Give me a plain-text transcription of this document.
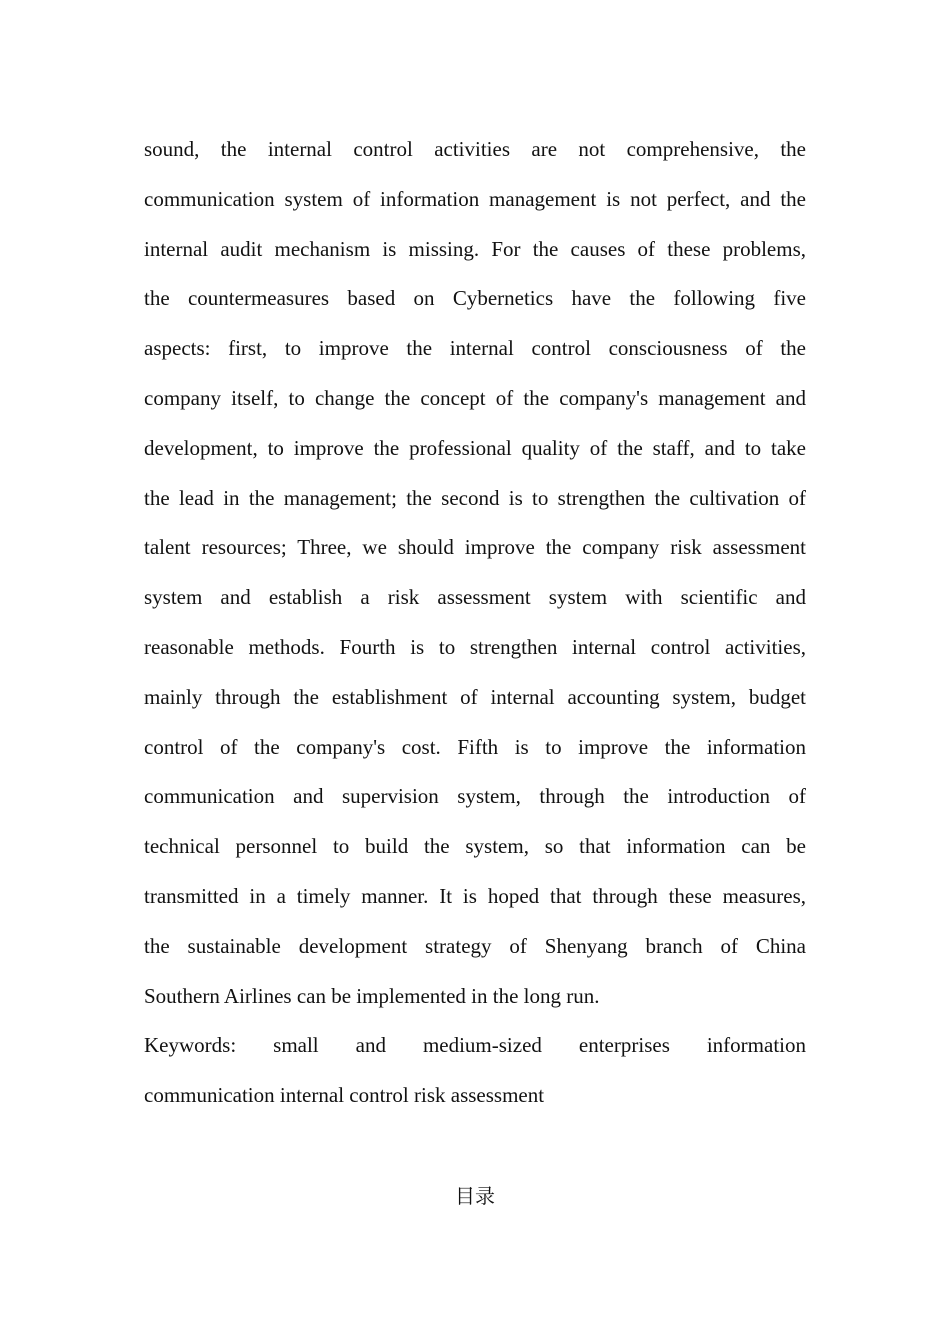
sound, the internal control activities are not comprehensive, the
communication system of information management is not perfect, and the
internal audit mechanism is missing. For the causes of these problems,
the countermeasures based on Cybernetics have the following five
aspects: first, to improve the internal control consciousness of the
company itself, to change the concept of the company's management and
development, to improve the professional quality of the staff, and to take
the lead in the management; the second is to strengthen the cultivation of
talent resources; Three, we should improve the company risk assessment
system and establish a risk assessment system with scientific and
reasonable methods. Fourth is to strengthen internal control activities,
mainly through the establishment of internal accounting system, budget
control of the company's cost. Fifth is to improve the information
communication and supervision system, through the introduction of
technical personnel to build the system, so that information can be
transmitted in a timely manner. It is hoped that through these measures,
the sustainable development strategy of Shenyang branch of China
Southern Airlines can be implemented in the long run.
Keywords: small and medium-sized enterprises information
communication internal control risk assessment
目录
